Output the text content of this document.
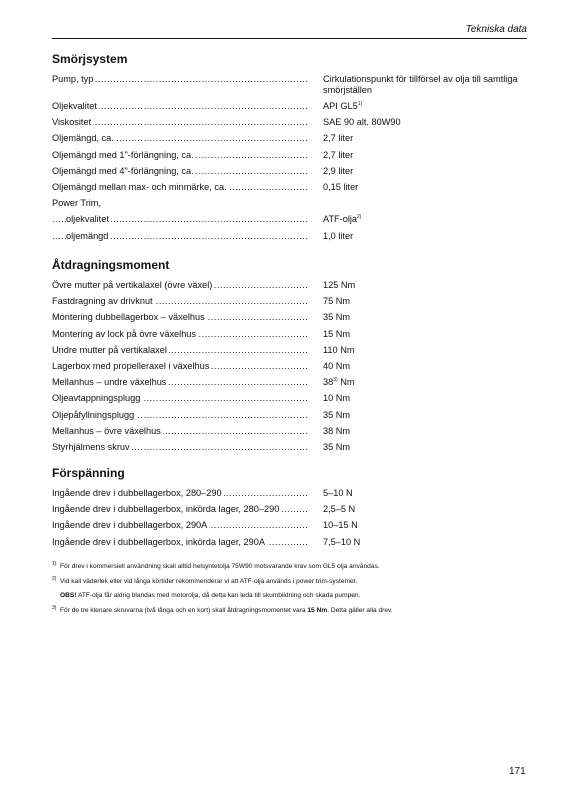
Tekniska data
Smörjsystem
Pump, typ .....	Cirkulationspunkt för tillförsel av olja till samtliga smörjställen
Oljekvalitet .....	API GL5$^{1)}$
Viskositet .....	SAE 90 alt. 80W90
Oljemängd, ca. .....	2,7 liter
Oljemängd med 1"-förlängning, ca. .....	2,7 liter
Oljemängd med 4"-förlängning, ca. .....	2,9 liter
Oljemängd mellan max- och minmärke, ca. .....	0,15 liter
Power Trim,
oljekvalitet .....	ATF-olja$^{2)}$
oljemängd .....	1,0 liter
Åtdragningsmoment
Övre mutter på vertikalaxel (övre växel) .....	125 Nm
Fastdragning av drivknut .....	75 Nm
Montering dubbellagerbox – växelhus .....	35 Nm
Montering av lock på övre växelhus .....	15 Nm
Undre mutter på vertikalaxel .....	110 Nm
Lagerbox med propelleraxel i växelhus .....	40 Nm
Mellanhus – undre växelhus .....	38$^{3)}$ Nm
Oljeavtappningsplugg .....	10 Nm
Oljepåfyllningsplugg .....	35 Nm
Mellanhus – övre växelhus .....	38 Nm
Styrhjälmens skruv .....	35 Nm
Förspänning
Ingående drev i dubbellagerbox, 280–290 .....	5–10 N
Ingående drev i dubbellagerbox, inkörda lager, 280–290 .....	2,5–5 N
Ingående drev i dubbellagerbox, 290A .....	10–15 N
Ingående drev i dubbellagerbox, inkörda lager, 290A .....	7,5–10 N
1) För drev i kommersiell användning skall alltid helsyntetolja 75W90 motsvarande krav som GL5 olja användas.
2) Vid kall väderlek eller vid långa körtider rekommenderar vi att ATF-olja används i power trim-systemet.
OBS! ATF-olja får aldrig blandas med motorolja, då detta kan leda till skumbildning och skada pumpen.
3) För de tre klenare skruvarna (två långa och en kort) skall åtdragningsmomentet vara 15 Nm. Detta gäller alla drev.
171
